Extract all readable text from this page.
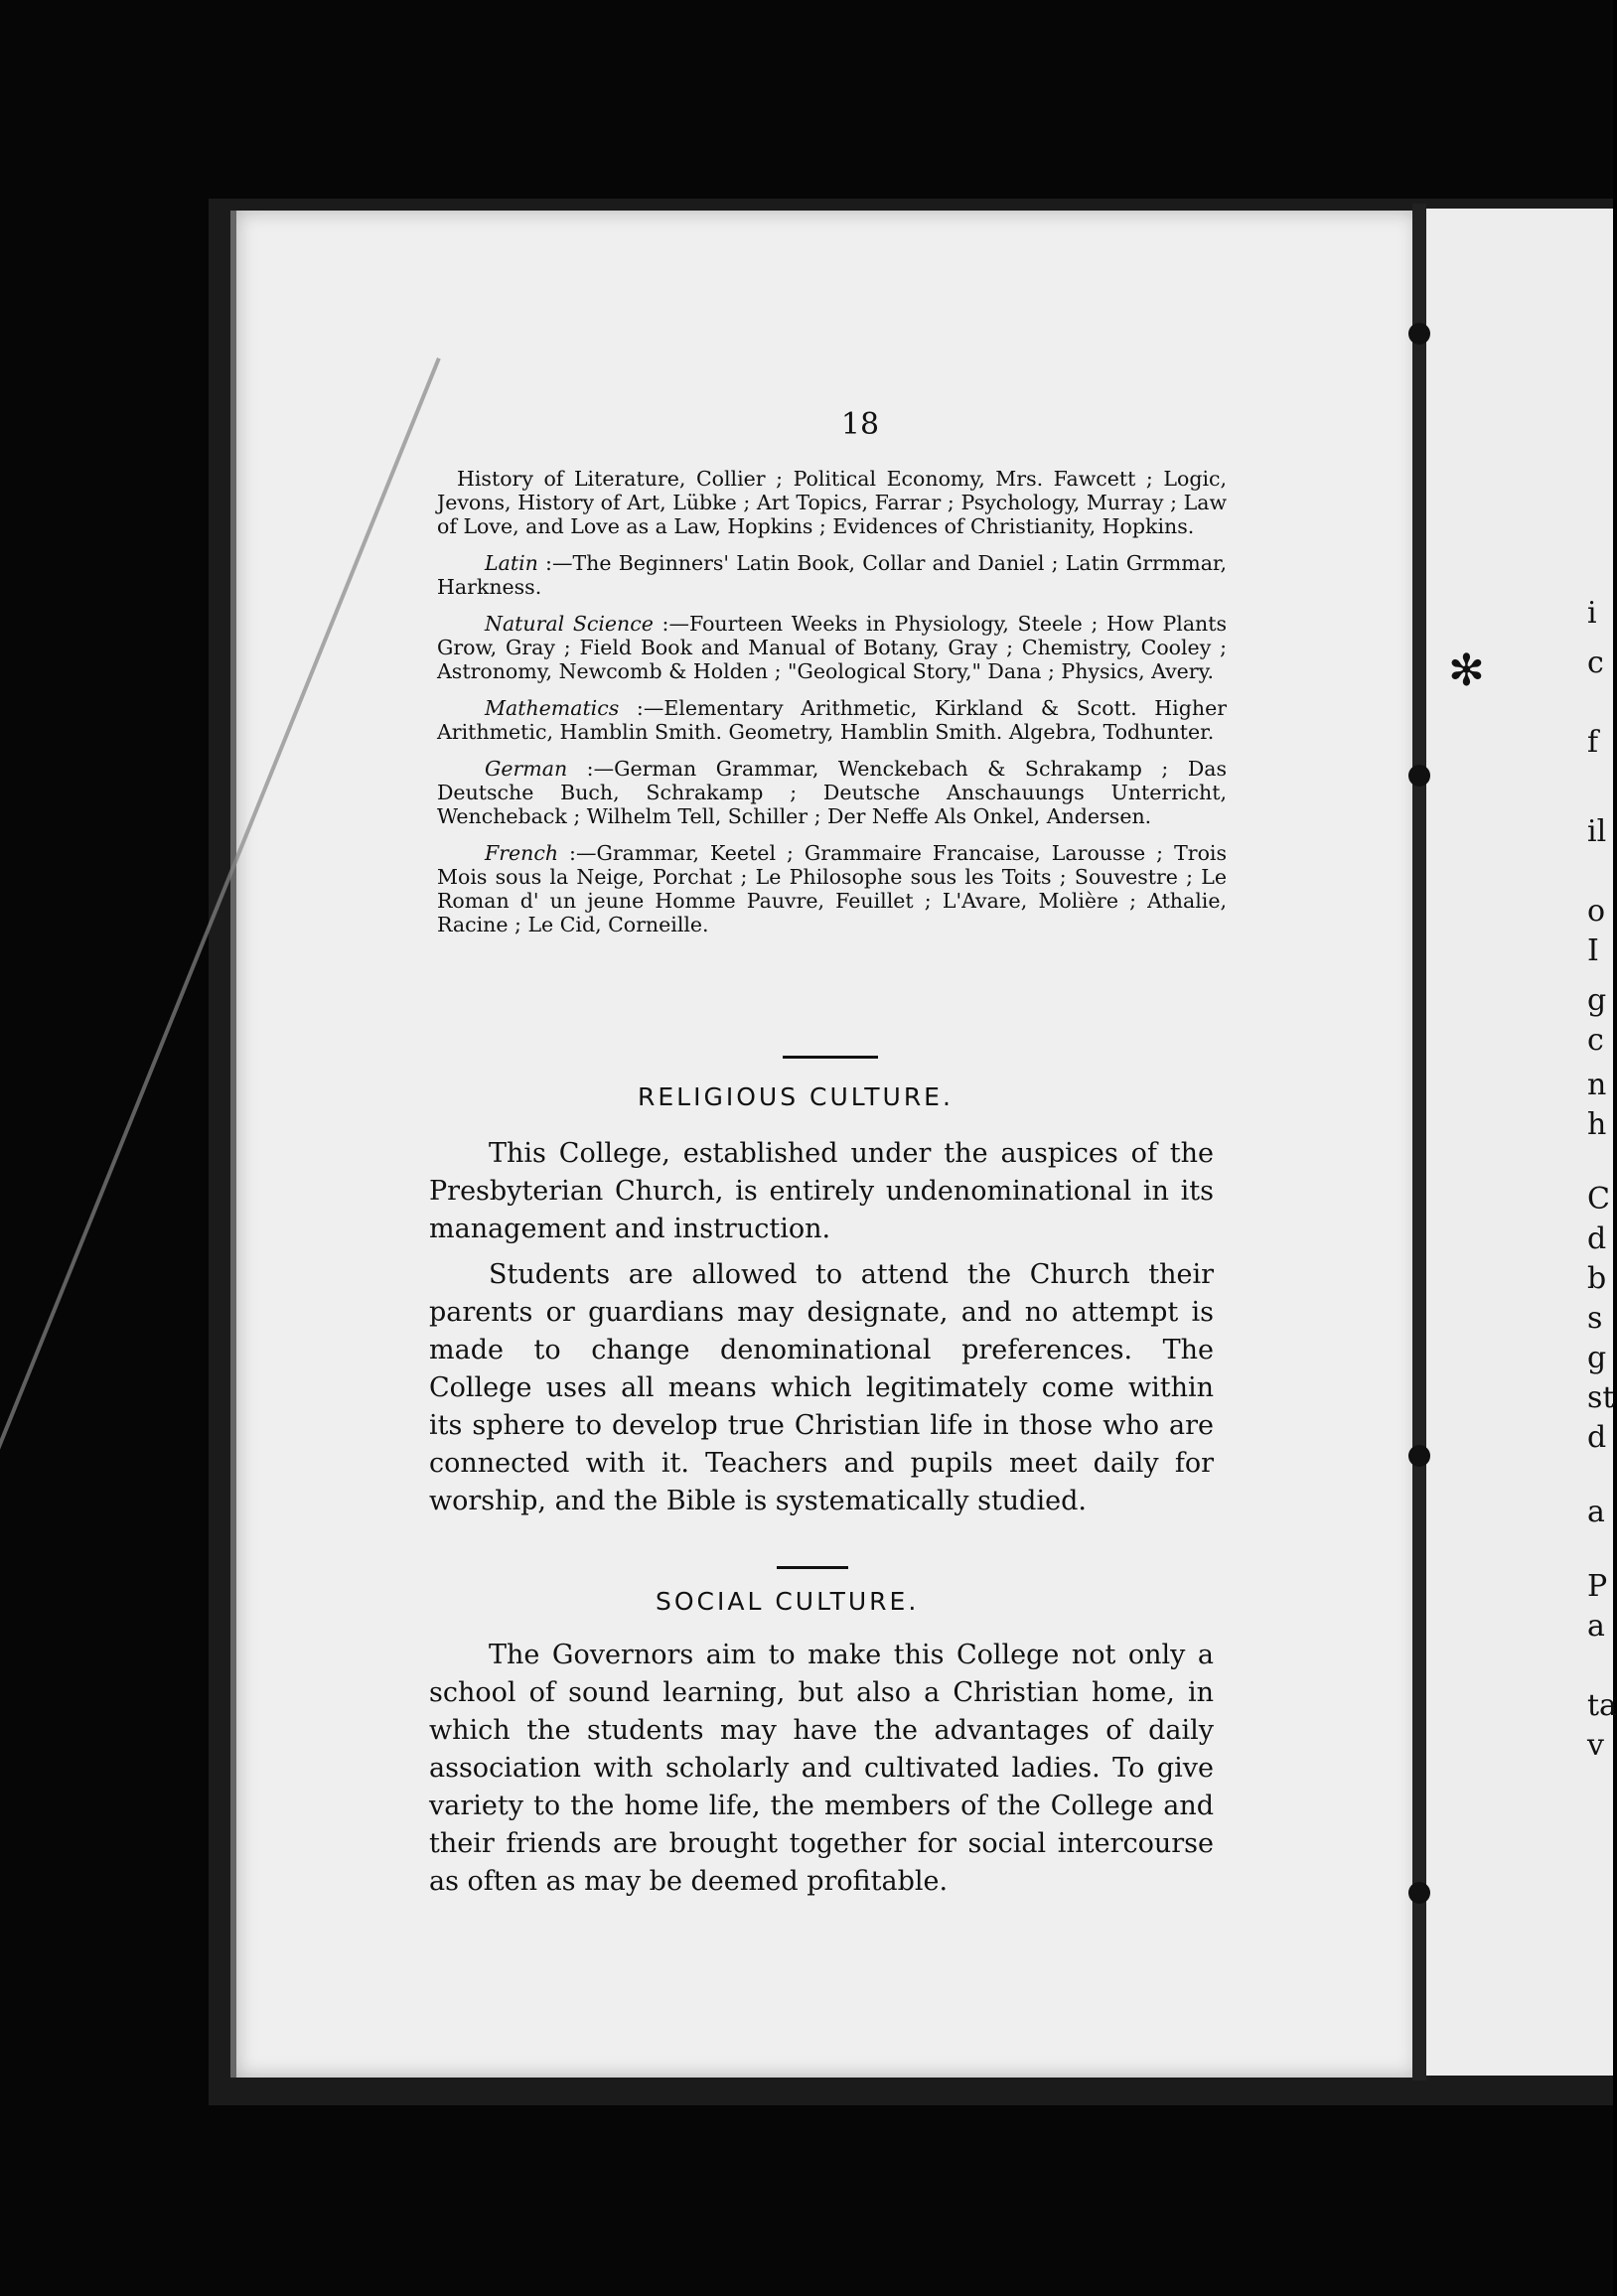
18

History of Literature, Collier ; Political Economy, Mrs. Fawcett ; Logic, Jevons, History of Art, Lübke ; Art Topics, Farrar ; Psychology, Murray ; Law of Love, and Love as a Law, Hopkins ; Evidences of Christianity, Hopkins.

Latin :—The Beginners' Latin Book, Collar and Daniel ; Latin Grrmmar, Harkness.

Natural Science :—Fourteen Weeks in Physiology, Steele ; How Plants Grow, Gray ; Field Book and Manual of Botany, Gray ; Chemistry, Cooley ; Astronomy, Newcomb & Holden ; "Geological Story," Dana ; Physics, Avery.

Mathematics :—Elementary Arithmetic, Kirkland & Scott. Higher Arithmetic, Hamblin Smith. Geometry, Hamblin Smith. Algebra, Todhunter.

German :—German Grammar, Wenckebach & Schrakamp ; Das Deutsche Buch, Schrakamp ; Deutsche Anschauungs Unterricht, Wencheback ; Wilhelm Tell, Schiller ; Der Neffe Als Onkel, Andersen.

French :—Grammar, Keetel ; Grammaire Francaise, Larousse ; Trois Mois sous la Neige, Porchat ; Le Philosophe sous les Toits ; Souvestre ; Le Roman d' un jeune Homme Pauvre, Feuillet ; L'Avare, Molière ; Athalie, Racine ; Le Cid, Corneille.

RELIGIOUS CULTURE.

This College, established under the auspices of the Presbyterian Church, is entirely undenominational in its management and instruction.

Students are allowed to attend the Church their parents or guardians may designate, and no attempt is made to change denominational preferences. The College uses all means which legitimately come within its sphere to develop true Christian life in those who are connected with it. Teachers and pupils meet daily for worship, and the Bible is systematically studied.

SOCIAL CULTURE.

The Governors aim to make this College not only a school of sound learning, but also a Christian home, in which the students may have the advantages of daily association with scholarly and cultivated ladies. To give variety to the home life, the members of the College and their friends are brought together for social intercourse as often as may be deemed profitable.

✻
i
c
f
il
o
I
g
c
n
h
C
d
b
s
g
st
d
a
P
a
ta
v
